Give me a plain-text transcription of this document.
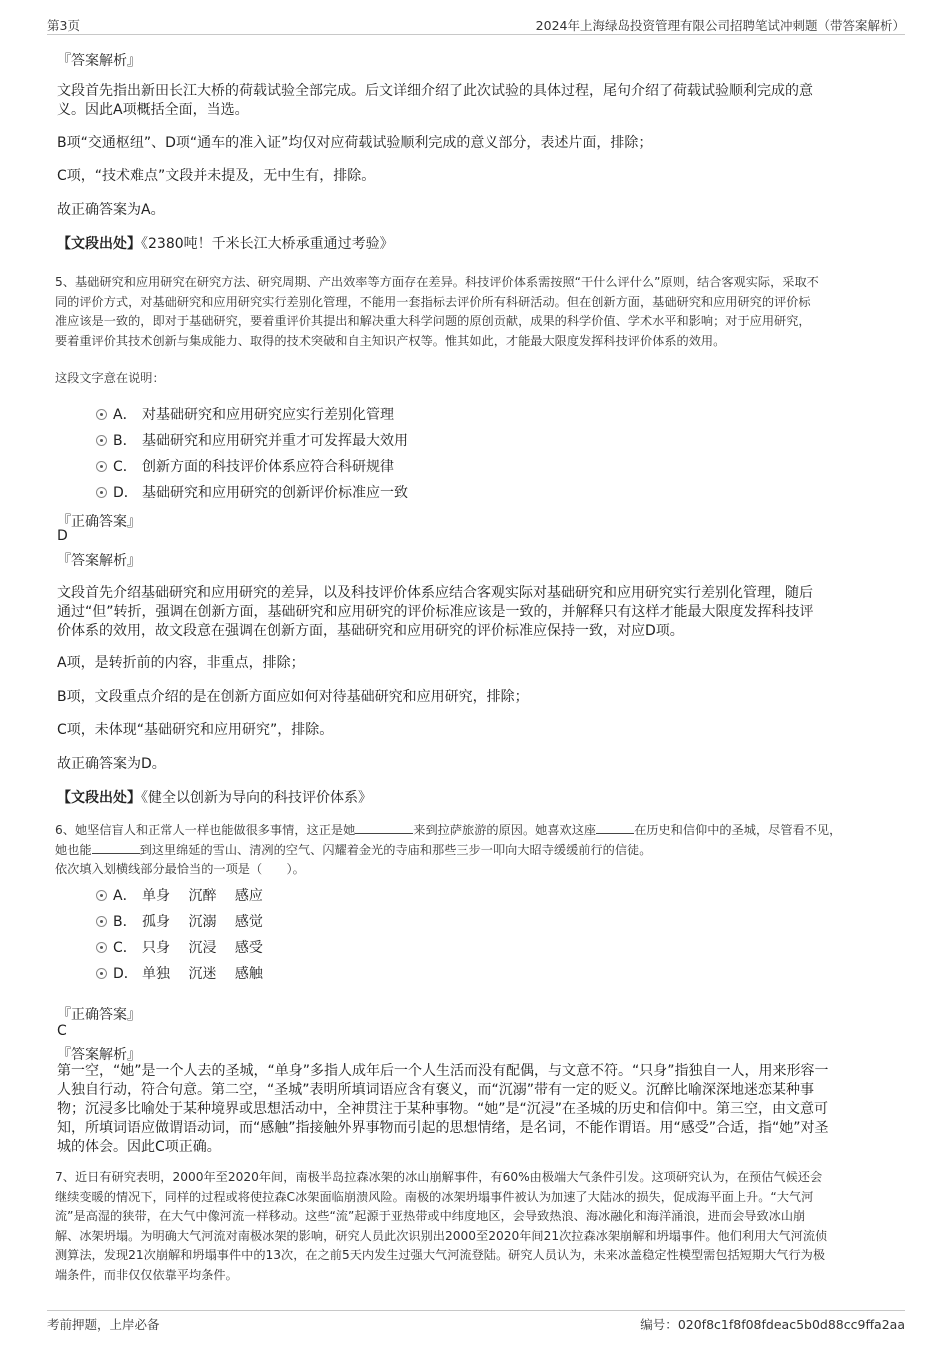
第3页	2024年上海绿岛投资管理有限公司招聘笔试冲刺题（带答案解析）
『答案解析』
文段首先指出新田长江大桥的荷载试验全部完成。后文详细介绍了此次试验的具体过程，尾句介绍了荷载试验顺利完成的意
义。因此A项概括全面，当选。
B项“交通枢纽”、D项“通车的准入证”均仅对应荷载试验顺利完成的意义部分，表述片面，排除；
C项，“技术难点”文段并未提及，无中生有，排除。
故正确答案为A。
【文段出处】《2380吨！千米长江大桥承重通过考验》
5、基础研究和应用研究在研究方法、研究周期、产出效率等方面存在差异。科技评价体系需按照“干什么评什么”原则，结合客观实际，采取不
同的评价方式，对基础研究和应用研究实行差别化管理，不能用一套指标去评价所有科研活动。但在创新方面，基础研究和应用研究的评价标
准应该是一致的，即对于基础研究，要着重评价其提出和解决重大科学问题的原创贡献，成果的科学价值、学术水平和影响；对于应用研究，
要着重评价其技术创新与集成能力、取得的技术突破和自主知识产权等。惟其如此，才能最大限度发挥科技评价体系的效用。
这段文字意在说明：

A．

对基础研究和应用研究应实行差别化管理

B．

基础研究和应用研究并重才可发挥最大效用

C．

创新方面的科技评价体系应符合科研规律

D．

基础研究和应用研究的创新评价标准应一致

『正确答案』
D
『答案解析』
文段首先介绍基础研究和应用研究的差异，以及科技评价体系应结合客观实际对基础研究和应用研究实行差别化管理，随后
通过“但”转折，强调在创新方面，基础研究和应用研究的评价标准应该是一致的，并解释只有这样才能最大限度发挥科技评
价体系的效用，故文段意在强调在创新方面，基础研究和应用研究的评价标准应保持一致，对应D项。
A项，是转折前的内容，非重点，排除；
B项，文段重点介绍的是在创新方面应如何对待基础研究和应用研究，排除；
C项，未体现“基础研究和应用研究”，排除。
故正确答案为D。
【文段出处】《健全以创新为导向的科技评价体系》
6、她坚信盲人和正常人一样也能做很多事情，这正是她	来到拉萨旅游的原因。她喜欢这座	在历史和信仰中的圣城，尽管看不见，
她也能	到这里绵延的雪山、清冽的空气、闪耀着金光的寺庙和那些三步一叩向大昭寺缓缓前行的信徒。
依次填入划横线部分最恰当的一项是（　　）。

A．

单身　 沉醉　 感应

B．

孤身　 沉溺　 感觉

C．

只身　 沉浸　 感受

D．

单独　 沉迷　 感触

『正确答案』
C
『答案解析』
第一空，“她”是一个人去的圣城，“单身”多指人成年后一个人生活而没有配偶，与文意不符。“只身”指独自一人，用来形容一
人独自行动，符合句意。第二空，“圣城”表明所填词语应含有褒义，而“沉溺”带有一定的贬义。沉醉比喻深深地迷恋某种事
物；沉浸多比喻处于某种境界或思想活动中，全神贯注于某种事物。“她”是“沉浸”在圣城的历史和信仰中。第三空，由文意可
知，所填词语应做谓语动词，而“感触”指接触外界事物而引起的思想情绪，是名词，不能作谓语。用“感受”合适，指“她”对圣
城的体会。因此C项正确。
7、近日有研究表明，2000年至2020年间，南极半岛拉森冰架的冰山崩解事件，有60%由极端大气条件引发。这项研究认为，在预估气候还会
继续变暖的情况下，同样的过程或将使拉森C冰架面临崩溃风险。南极的冰架坍塌事件被认为加速了大陆冰的损失，促成海平面上升。“大气河
流”是高湿的狭带，在大气中像河流一样移动。这些“流”起源于亚热带或中纬度地区，会导致热浪、海冰融化和海洋涌浪，进而会导致冰山崩
解、冰架坍塌。为明确大气河流对南极冰架的影响，研究人员此次识别出2000至2020年间21次拉森冰架崩解和坍塌事件。他们利用大气河流侦
测算法，发现21次崩解和坍塌事件中的13次，在之前5天内发生过强大气河流登陆。研究人员认为，未来冰盖稳定性模型需包括短期大气行为极
端条件，而非仅仅依靠平均条件。
考前押题，上岸必备	编号：020f8c1f8f08fdeac5b0d88cc9ffa2aa
